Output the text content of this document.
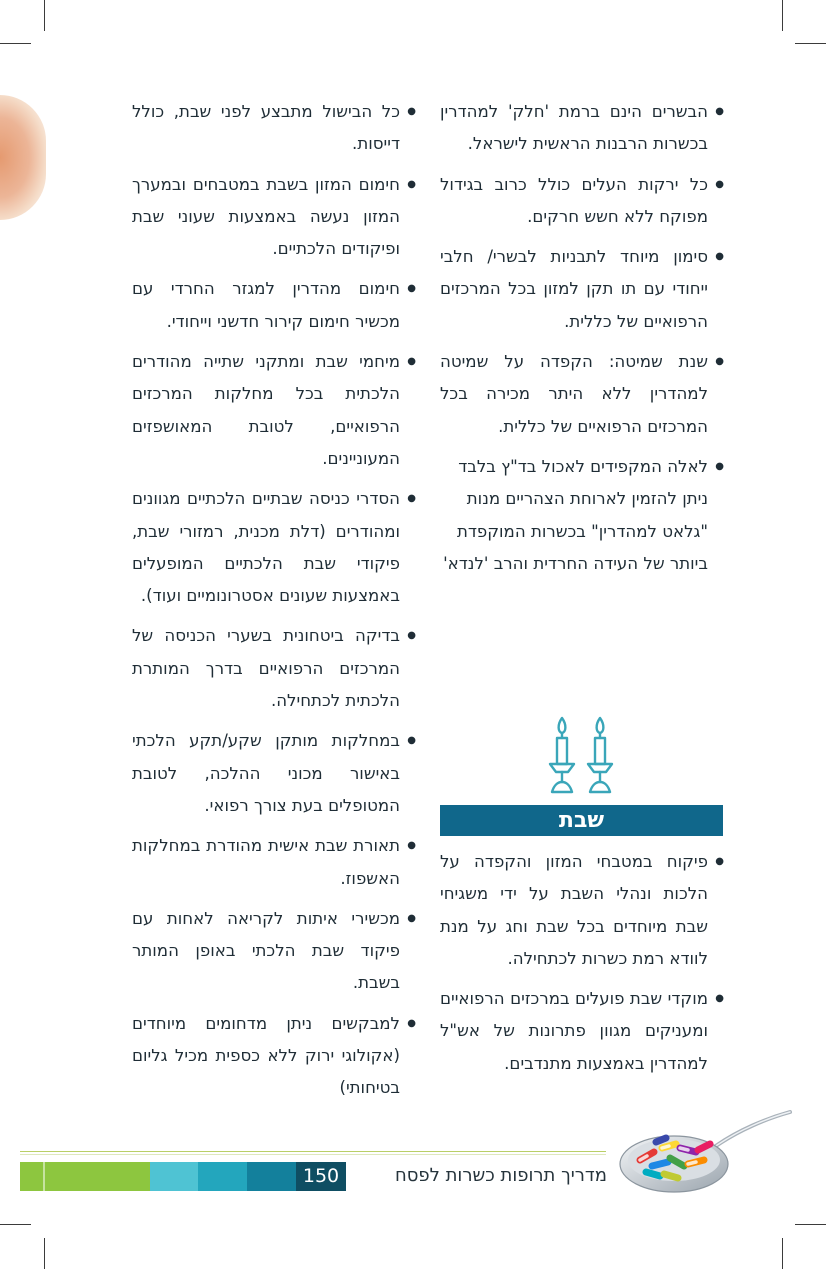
● הבשרים הינם ברמת 'חלק' למהדרין בכשרות הרבנות הראשית לישראל.
● כל ירקות העלים כולל כרוב בגידול מפוקח ללא חשש חרקים.
● סימון מיוחד לתבניות לבשרי/ חלבי ייחודי עם תו תקן למזון בכל המרכזים הרפואיים של כללית.
● שנת שמיטה: הקפדה על שמיטה למהדרין ללא היתר מכירה בכל המרכזים הרפואיים של כללית.
● לאלה המקפידים לאכול בד"ץ בלבד ניתן להזמין לארוחת הצהריים מנות "גלאט למהדרין" בכשרות המוקפדת ביותר של העידה החרדית והרב 'לנדא'
שבת
● פיקוח במטבחי המזון והקפדה על הלכות ונהלי השבת על ידי משגיחי שבת מיוחדים בכל שבת וחג על מנת לוודא רמת כשרות לכתחילה.
● מוקדי שבת פועלים במרכזים הרפואיים ומעניקים מגוון פתרונות של אש"ל למהדרין באמצעות מתנדבים.
● כל הבישול מתבצע לפני שבת, כולל דייסות.
● חימום המזון בשבת במטבחים ובמערך המזון נעשה באמצעות שעוני שבת ופיקודים הלכתיים.
● חימום מהדרין למגזר החרדי עם מכשיר חימום קירור חדשני וייחודי.
● מיחמי שבת ומתקני שתייה מהודרים הלכתית בכל מחלקות המרכזים הרפואיים, לטובת המאושפזים המעוניינים.
● הסדרי כניסה שבתיים הלכתיים מגוונים ומהודרים (דלת מכנית, רמזורי שבת, פיקודי שבת הלכתיים המופעלים באמצעות שעונים אסטרונומיים ועוד).
● בדיקה ביטחונית בשערי הכניסה של המרכזים הרפואיים בדרך המותרת הלכתית לכתחילה.
● במחלקות מותקן שקע/תקע הלכתי באישור מכוני ההלכה, לטובת המטופלים בעת צורך רפואי.
● תאורת שבת אישית מהודרת במחלקות האשפוז.
● מכשירי איתות לקריאה לאחות עם פיקוד שבת הלכתי באופן המותר בשבת.
● למבקשים ניתן מדחומים מיוחדים (אקולוגי ירוק ללא כספית מכיל גליום בטיחותי)
150	מדריך תרופות כשרות לפסח
